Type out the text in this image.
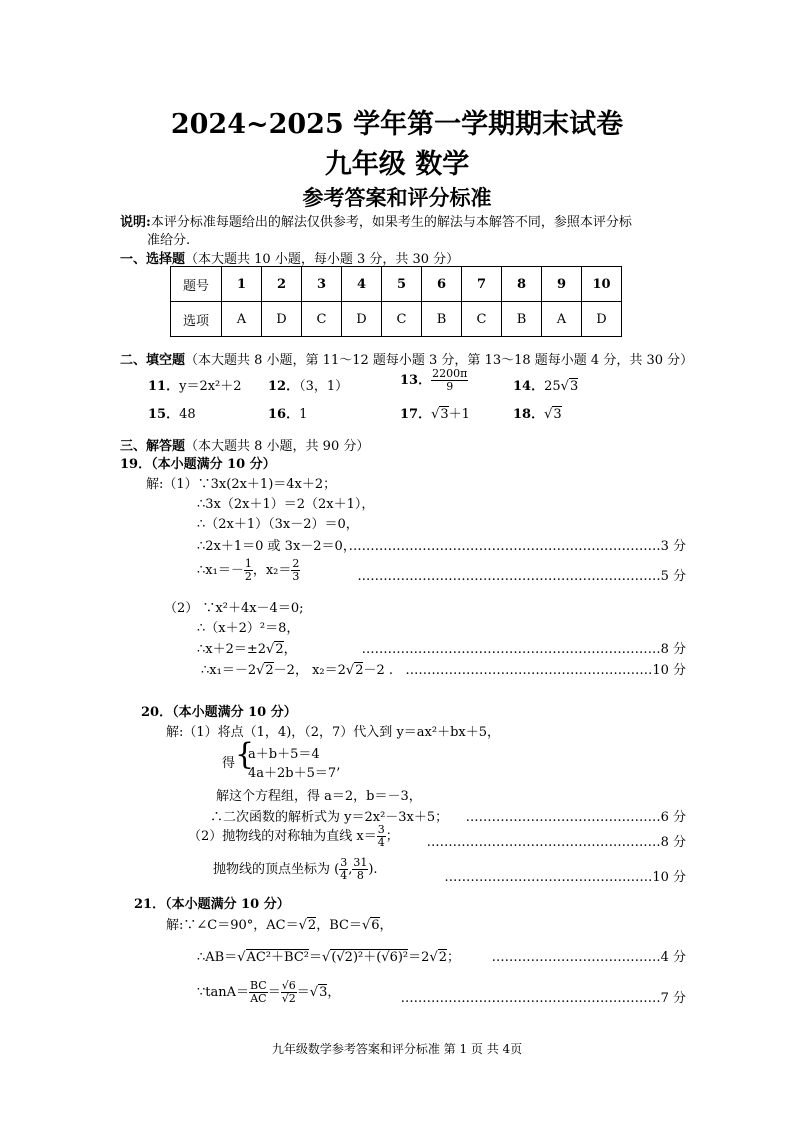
2024~2025 学年第一学期期末试卷
九年级 数学
参考答案和评分标准
说明:本评分标准每题给出的解法仅供参考，如果考生的解法与本解答不同，参照本评分标
准给分.
一、选择题（本大题共 10 小题，每小题 3 分，共 30 分）
题号	1	2	3	4	5	6	7	8	9	10
选项	A	D	C	D	C	B	C	B	A	D
二、填空题（本大题共 8 小题，第 11～12 题每小题 3 分，第 13～18 题每小题 4 分，共 30 分）
11．y＝2x²＋2 12．（3，1）	13． $\frac{2200\pi}{9}$	14．25√3
15．48	16．1	17．√3＋1	18．√3
三、解答题（本大题共 8 小题，共 90 分）
19．（本小题满分 10 分）
解:（1）∵3x(2x＋1)＝4x＋2；
∴3x（2x＋1）＝2（2x＋1），
∴（2x＋1）（3x－2）＝0，
∴2x＋1＝0 或 3x－2＝0，
………………………………………………………………3 分
∴x₁＝－ $\frac{1}{2}$ ，$x_2= \frac{2}{3}$	.……………………………………………………………5 分
（2） ∵x²＋4x－4＝0;
∴（x＋2）²＝8，
∴x＋2＝±2√2，	……………………………………………………………8 分
∴x₁＝－2√2－2， x₂＝2√2－2 . …………………………………………………10 分
20．（本小题满分 10 分）
解:（1）将点（1，4)，（2，7）代入到 y＝ax²＋bx＋5，
得 {
a＋b＋5＝4
4a＋2b＋5＝7’
解这个方程组，得 a＝2，b＝－3，
∴二次函数的解析式为 y＝2x²－3x＋5； ………………………………………6 分
（2）抛物线的对称轴为直线 $x= \frac{3}{4}$ ； ………………………………………………8 分
抛物线的顶点坐标为 ( $\frac{3}{4}$ , $\frac{31}{8}$ ).
…………………………………………10 分
21．（本小题满分 10 分）
解:∵∠C＝90°，AC＝√2，BC＝√6，
∴AB＝√AC²＋BC²＝√(√2)²＋(√6)²＝2√2； …………………………………4 分
∵tanA＝ $\frac{BC}{AC} = \frac{√6}{√2} =√3$，	……………………………………………………7 分
九年级数学参考答案和评分标准 第 1 页 共 4页
